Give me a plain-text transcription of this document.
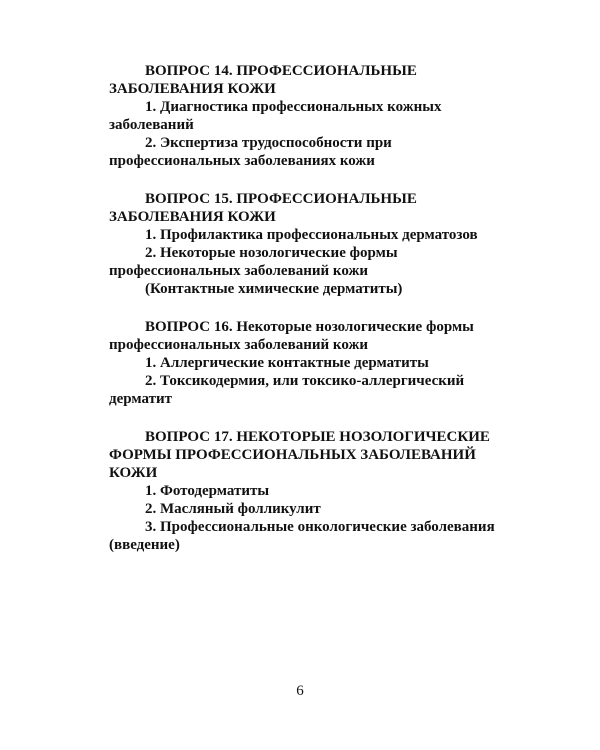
ВОПРОС 14. ПРОФЕССИОНАЛЬНЫЕ ЗАБОЛЕВАНИЯ КОЖИ

1. Диагностика профессиональных кожных заболеваний

2. Экспертиза трудоспособности при профессиональных заболеваниях кожи

ВОПРОС 15. ПРОФЕССИОНАЛЬНЫЕ ЗАБОЛЕВАНИЯ КОЖИ

1. Профилактика профессиональных дерматозов

2. Некоторые нозологические формы профессиональных заболеваний кожи

(Контактные химические дерматиты)

ВОПРОС 16. Некоторые нозологические формы профессиональных заболеваний кожи

1. Аллергические контактные дерматиты

2. Токсикодермия, или токсико-аллергический дерматит

ВОПРОС 17. НЕКОТОРЫЕ НОЗОЛОГИЧЕСКИЕ ФОРМЫ ПРОФЕССИОНАЛЬНЫХ ЗАБОЛЕВАНИЙ КОЖИ

1. Фотодерматиты

2. Масляный фолликулит

3. Профессиональные онкологические заболевания (введение)

6
